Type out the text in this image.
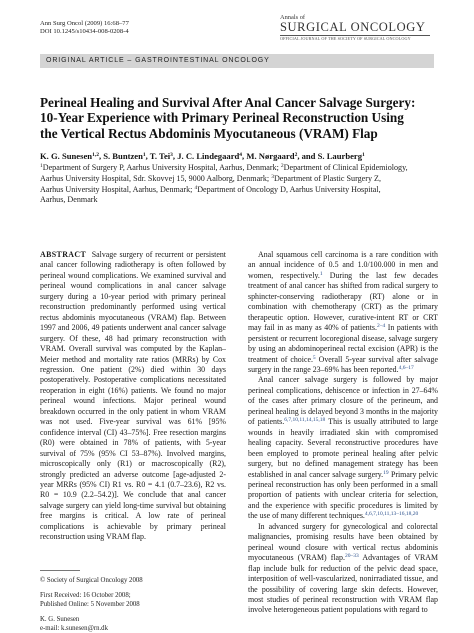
Ann Surg Oncol (2009) 16:68–77
DOI 10.1245/s10434-008-0208-4
Annals of
SURGICAL ONCOLOGY
OFFICIAL JOURNAL OF THE SOCIETY OF SURGICAL ONCOLOGY
ORIGINAL ARTICLE – GASTROINTESTINAL ONCOLOGY
Perineal Healing and Survival After Anal Cancer Salvage Surgery:
10-Year Experience with Primary Perineal Reconstruction Using
the Vertical Rectus Abdominis Myocutaneous (VRAM) Flap
K. G. Sunesen$^{1,2}$, S. Buntzen$^1$, T. Tei$^3$, J. C. Lindegaard$^4$, M. Nørgaard$^2$, and S. Laurberg$^1$
$^1$Department of Surgery P, Aarhus University Hospital, Aarhus, Denmark; $^2$Department of Clinical Epidemiology,
Aarhus University Hospital, Sdr. Skovvej 15, 9000 Aalborg, Denmark; $^3$Department of Plastic Surgery Z,
Aarhus University Hospital, Aarhus, Denmark; $^4$Department of Oncology D, Aarhus University Hospital,
Aarhus, Denmark

ABSTRACT Salvage surgery of recurrent or persistent anal cancer following radiotherapy is often followed by perineal wound complications. We examined survival and perineal wound complications in anal cancer salvage surgery during a 10-year period with primary perineal reconstruction predominantly performed using vertical rectus abdominis myocutaneous (VRAM) flap. Between 1997 and 2006, 49 patients underwent anal cancer salvage surgery. Of these, 48 had primary reconstruction with VRAM. Overall survival was computed by the Kaplan–Meier method and mortality rate ratios (MRRs) by Cox regression. One patient (2%) died within 30 days postoperatively. Postoperative complications necessitated reoperation in eight (16%) patients. We found no major perineal wound infections. Major perineal wound breakdown occurred in the only patient in whom VRAM was not used. Five-year survival was 61% [95% confidence interval (CI) 43–75%]. Free resection margins (R0) were obtained in 78% of patients, with 5-year survival of 75% (95% CI 53–87%). Involved margins, microscopically only (R1) or macroscopically (R2), strongly predicted an adverse outcome [age-adjusted 2-year MRRs (95% CI) R1 vs. R0 = 4.1 (0.7–23.6), R2 vs. R0 = 10.9 (2.2–54.2)]. We conclude that anal cancer salvage surgery can yield long-time survival but obtaining free margins is critical. A low rate of perineal complications is achievable by primary perineal reconstruction using VRAM flap.

© Society of Surgical Oncology 2008
First Received: 16 October 2008;
Published Online: 5 November 2008
K. G. Sunesen
e-mail: k.sunesen@rn.dk

Anal squamous cell carcinoma is a rare condition with an annual incidence of 0.5 and 1.0/100.000 in men and women, respectively.$^1$ During the last few decades treatment of anal cancer has shifted from radical surgery to sphincter-conserving radiotherapy (RT) alone or in combination with chemotherapy (CRT) as the primary therapeutic option. However, curative-intent RT or CRT may fail in as many as 40% of patients.$^{2-4}$ In patients with persistent or recurrent locoregional disease, salvage surgery by using an abdominoperineal rectal excision (APR) is the treatment of choice.$^5$ Overall 5-year survival after salvage surgery in the range 23–69% has been reported.$^{4,6-17}$

Anal cancer salvage surgery is followed by major perineal complications, dehiscence or infection in 27–64% of the cases after primary closure of the perineum, and perineal healing is delayed beyond 3 months in the majority of patients.$^{6,7,10,11,14,15,18}$ This is usually attributed to large wounds in heavily irradiated skin with compromised healing capacity. Several reconstructive procedures have been employed to promote perineal healing after pelvic surgery, but no defined management strategy has been established in anal cancer salvage surgery.$^{19}$ Primary pelvic perineal reconstruction has only been performed in a small proportion of patients with unclear criteria for selection, and the experience with specific procedures is limited by the use of many different techniques.$^{4,6,7,10,11,13-16,18,20}$

In advanced surgery for gynecological and colorectal malignancies, promising results have been obtained by perineal wound closure with vertical rectus abdominis myocutaneous (VRAM) flap.$^{20-33}$ Advantages of VRAM flap include bulk for reduction of the pelvic dead space, interposition of well-vascularized, nonirradiated tissue, and the possibility of covering large skin defects. However, most studies of perineal reconstruction with VRAM flap involve heterogeneous patient populations with regard to
